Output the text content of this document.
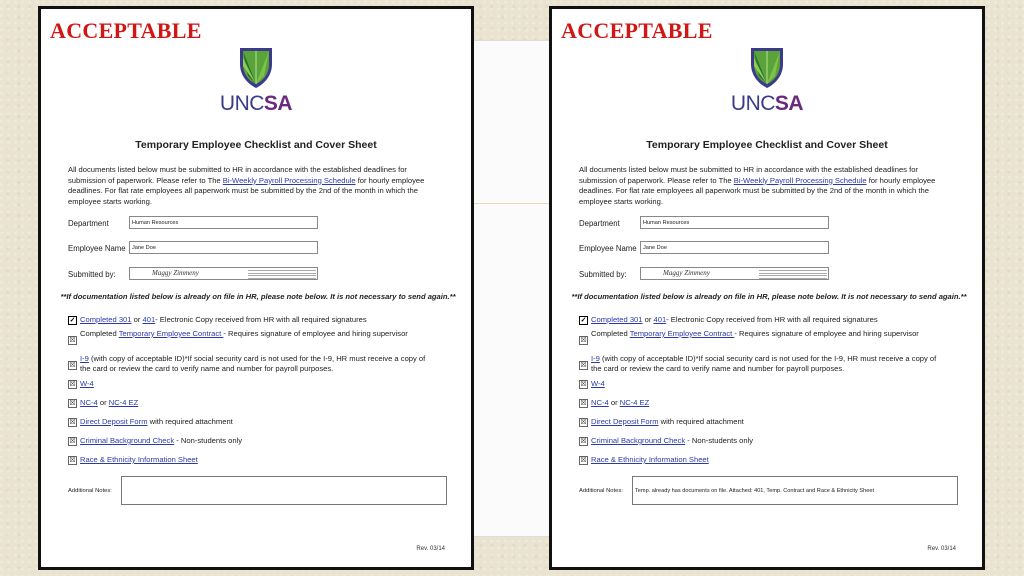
ACCEPTABLE
UNCSA
Temporary Employee Checklist and Cover Sheet
All documents listed below must be submitted to HR in accordance with the established deadlines for submission of paperwork. Please refer to The Bi-Weekly Payroll Processing Schedule for hourly employee deadlines. For flat rate employees all paperwork must be submitted by the 2nd of the month in which the employee starts working.
Department	Human Resources
Employee Name	Jane Doe
Submitted by:	Maggy Zimmeny
**If documentation listed below is already on file in HR, please note below. It is not necessary to send again.**
✓ Completed 301 or 401- Electronic Copy received from HR with all required signatures
☒
Completed Temporary Employee Contract - Requires signature of employee and hiring supervisor
☒
I-9 (with copy of acceptable ID)*If social security card is not used for the I-9, HR must receive a copy of the card or review the card to verify name and number for payroll purposes.
☒ W-4
☒ NC-4 or NC-4 EZ
☒ Direct Deposit Form with required attachment
☒ Criminal Background Check - Non-students only
☒ Race & Ethnicity Information Sheet
Additional Notes:
Rev. 03/14
ACCEPTABLE
UNCSA
Temporary Employee Checklist and Cover Sheet
All documents listed below must be submitted to HR in accordance with the established deadlines for submission of paperwork. Please refer to The Bi-Weekly Payroll Processing Schedule for hourly employee deadlines. For flat rate employees all paperwork must be submitted by the 2nd of the month in which the employee starts working.
Department	Human Resources
Employee Name	Jane Doe
Submitted by:	Maggy Zimmeny
**If documentation listed below is already on file in HR, please note below. It is not necessary to send again.**
✓ Completed 301 or 401- Electronic Copy received from HR with all required signatures
☒
Completed Temporary Employee Contract - Requires signature of employee and hiring supervisor
☒
I-9 (with copy of acceptable ID)*If social security card is not used for the I-9, HR must receive a copy of the card or review the card to verify name and number for payroll purposes.
☒ W-4
☒ NC-4 or NC-4 EZ
☒ Direct Deposit Form with required attachment
☒ Criminal Background Check - Non-students only
☒ Race & Ethnicity Information Sheet
Additional Notes:	Temp. already has documents on file. Attached: 401, Temp. Contract and Race & Ethnicity Sheet
Rev. 03/14
